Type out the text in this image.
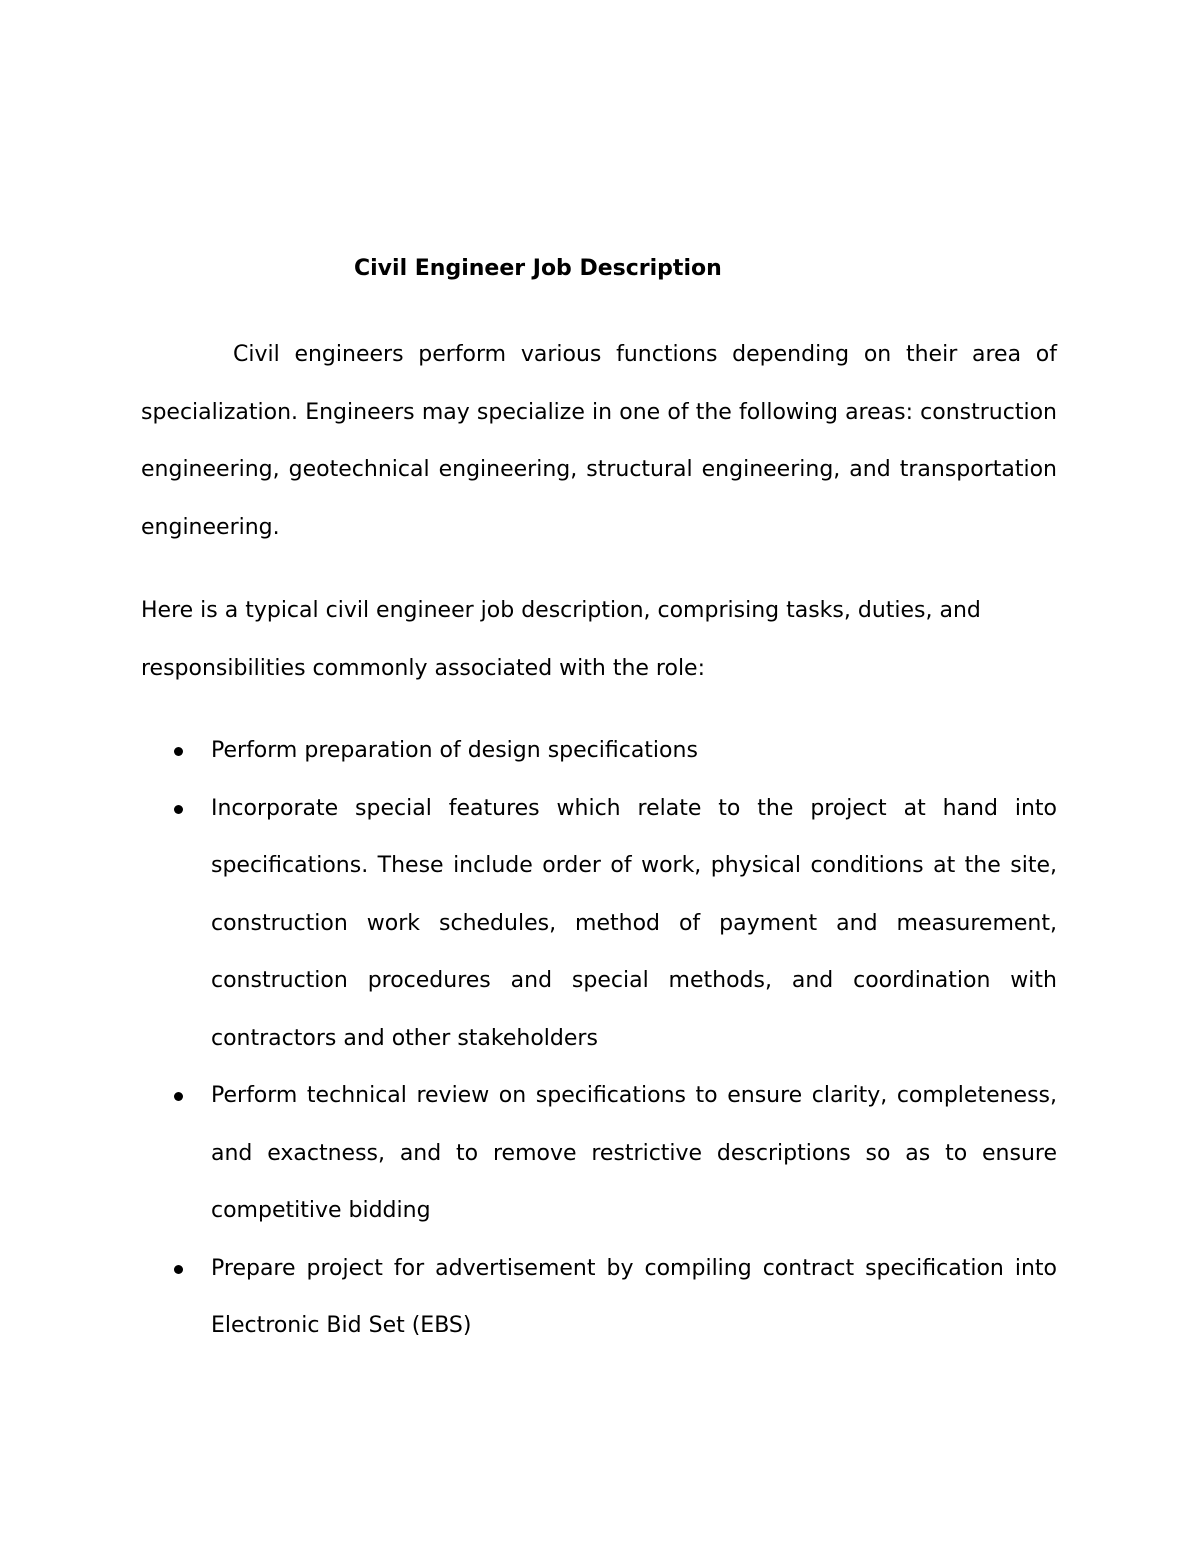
Civil Engineer Job Description

Civil engineers perform various functions depending on their area of specialization. Engineers may specialize in one of the following areas: construction engineering, geotechnical engineering, structural engineering, and transportation engineering.

Here is a typical civil engineer job description, comprising tasks, duties, and responsibilities commonly associated with the role:

Perform preparation of design specifications
Incorporate special features which relate to the project at hand into specifications. These include order of work, physical conditions at the site, construction work schedules, method of payment and measurement, construction procedures and special methods, and coordination with contractors and other stakeholders
Perform technical review on specifications to ensure clarity, completeness, and exactness, and to remove restrictive descriptions so as to ensure competitive bidding
Prepare project for advertisement by compiling contract specification into Electronic Bid Set (EBS)
